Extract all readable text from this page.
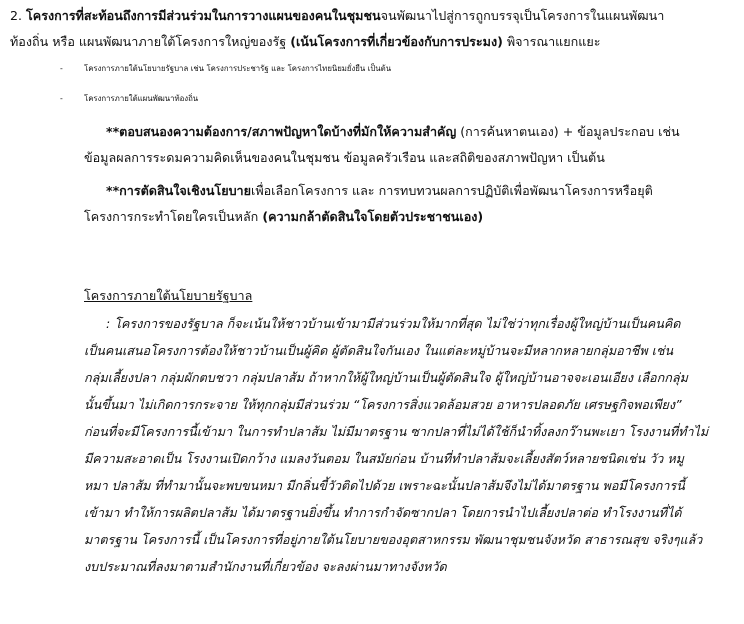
2. โครงการที่สะท้อนถึงการมีส่วนร่วมในการวางแผนของคนในชุมชนจนพัฒนาไปสู่การถูกบรรจุเป็นโครงการในแผนพัฒนา
ท้องถิ่น หรือ แผนพัฒนาภายใต้โครงการใหญ่ของรัฐ (เน้นโครงการที่เกี่ยวข้องกับการประมง) พิจารณาแยกแยะ
-	โครงการภายใต้นโยบายรัฐบาล เช่น โครงการประชารัฐ และ โครงการไทยนิยมยั่งยืน เป็นต้น
-	โครงการภายใต้แผนพัฒนาท้องถิ่น
**ตอบสนองความต้องการ/สภาพปัญหาใดบ้างที่มักให้ความสำคัญ (การค้นหาตนเอง) + ข้อมูลประกอบ เช่น
ข้อมูลผลการระดมความคิดเห็นของคนในชุมชน ข้อมูลครัวเรือน และสถิติของสภาพปัญหา เป็นต้น
**การตัดสินใจเชิงนโยบายเพื่อเลือกโครงการ และ การทบทวนผลการปฏิบัติเพื่อพัฒนาโครงการหรือยุติ
โครงการกระทำโดยใครเป็นหลัก (ความกล้าตัดสินใจโดยตัวประชาชนเอง)
โครงการภายใต้นโยบายรัฐบาล
: โครงการของรัฐบาล ก็จะเน้นให้ชาวบ้านเข้ามามีส่วนร่วมให้มากที่สุด ไม่ใช่ว่าทุกเรื่องผู้ใหญ่บ้านเป็นคนคิด
เป็นคนเสนอโครงการต้องให้ชาวบ้านเป็นผู้คิด ผู้ตัดสินใจกันเอง ในแต่ละหมู่บ้านจะมีหลากหลายกลุ่มอาชีพ เช่น
กลุ่มเลี้ยงปลา กลุ่มผักตบชวา กลุ่มปลาส้ม ถ้าหากให้ผู้ใหญ่บ้านเป็นผู้ตัดสินใจ ผู้ใหญ่บ้านอาจจะเอนเอียง เลือกกลุ่ม
นั้นขึ้นมา ไม่เกิดการกระจาย ให้ทุกกลุ่มมีส่วนร่วม “โครงการสิ่งแวดล้อมสวย อาหารปลอดภัย เศรษฐกิจพอเพียง”
ก่อนที่จะมีโครงการนี้เข้ามา ในการทำปลาส้ม ไม่มีมาตรฐาน ซากปลาที่ไม่ได้ใช้ก็นำทิ้งลงกว๊านพะเยา โรงงานที่ทำไม่
มีความสะอาดเป็น โรงงานเปิดกว้าง แมลงวันตอม ในสมัยก่อน บ้านที่ทำปลาส้มจะเลี้ยงสัตว์หลายชนิดเช่น วัว หมู
หมา ปลาส้ม ที่ทำมานั้นจะพบขนหมา มีกลิ่นขี้วัวติดไปด้วย เพราะฉะนั้นปลาส้มจึงไม่ได้มาตรฐาน พอมีโครงการนี้
เข้ามา ทำให้การผลิตปลาส้ม ได้มาตรฐานยิ่งขึ้น ทำการกำจัดซากปลา โดยการนำไปเลี้ยงปลาต่อ ทำโรงงานที่ได้
มาตรฐาน โครงการนี้ เป็นโครงการที่อยู่ภายใต้นโยบายของอุตสาหกรรม พัฒนาชุมชนจังหวัด สาธารณสุข จริงๆแล้ว
งบประมาณที่ลงมาตามสำนักงานที่เกี่ยวข้อง จะลงผ่านมาทางจังหวัด
